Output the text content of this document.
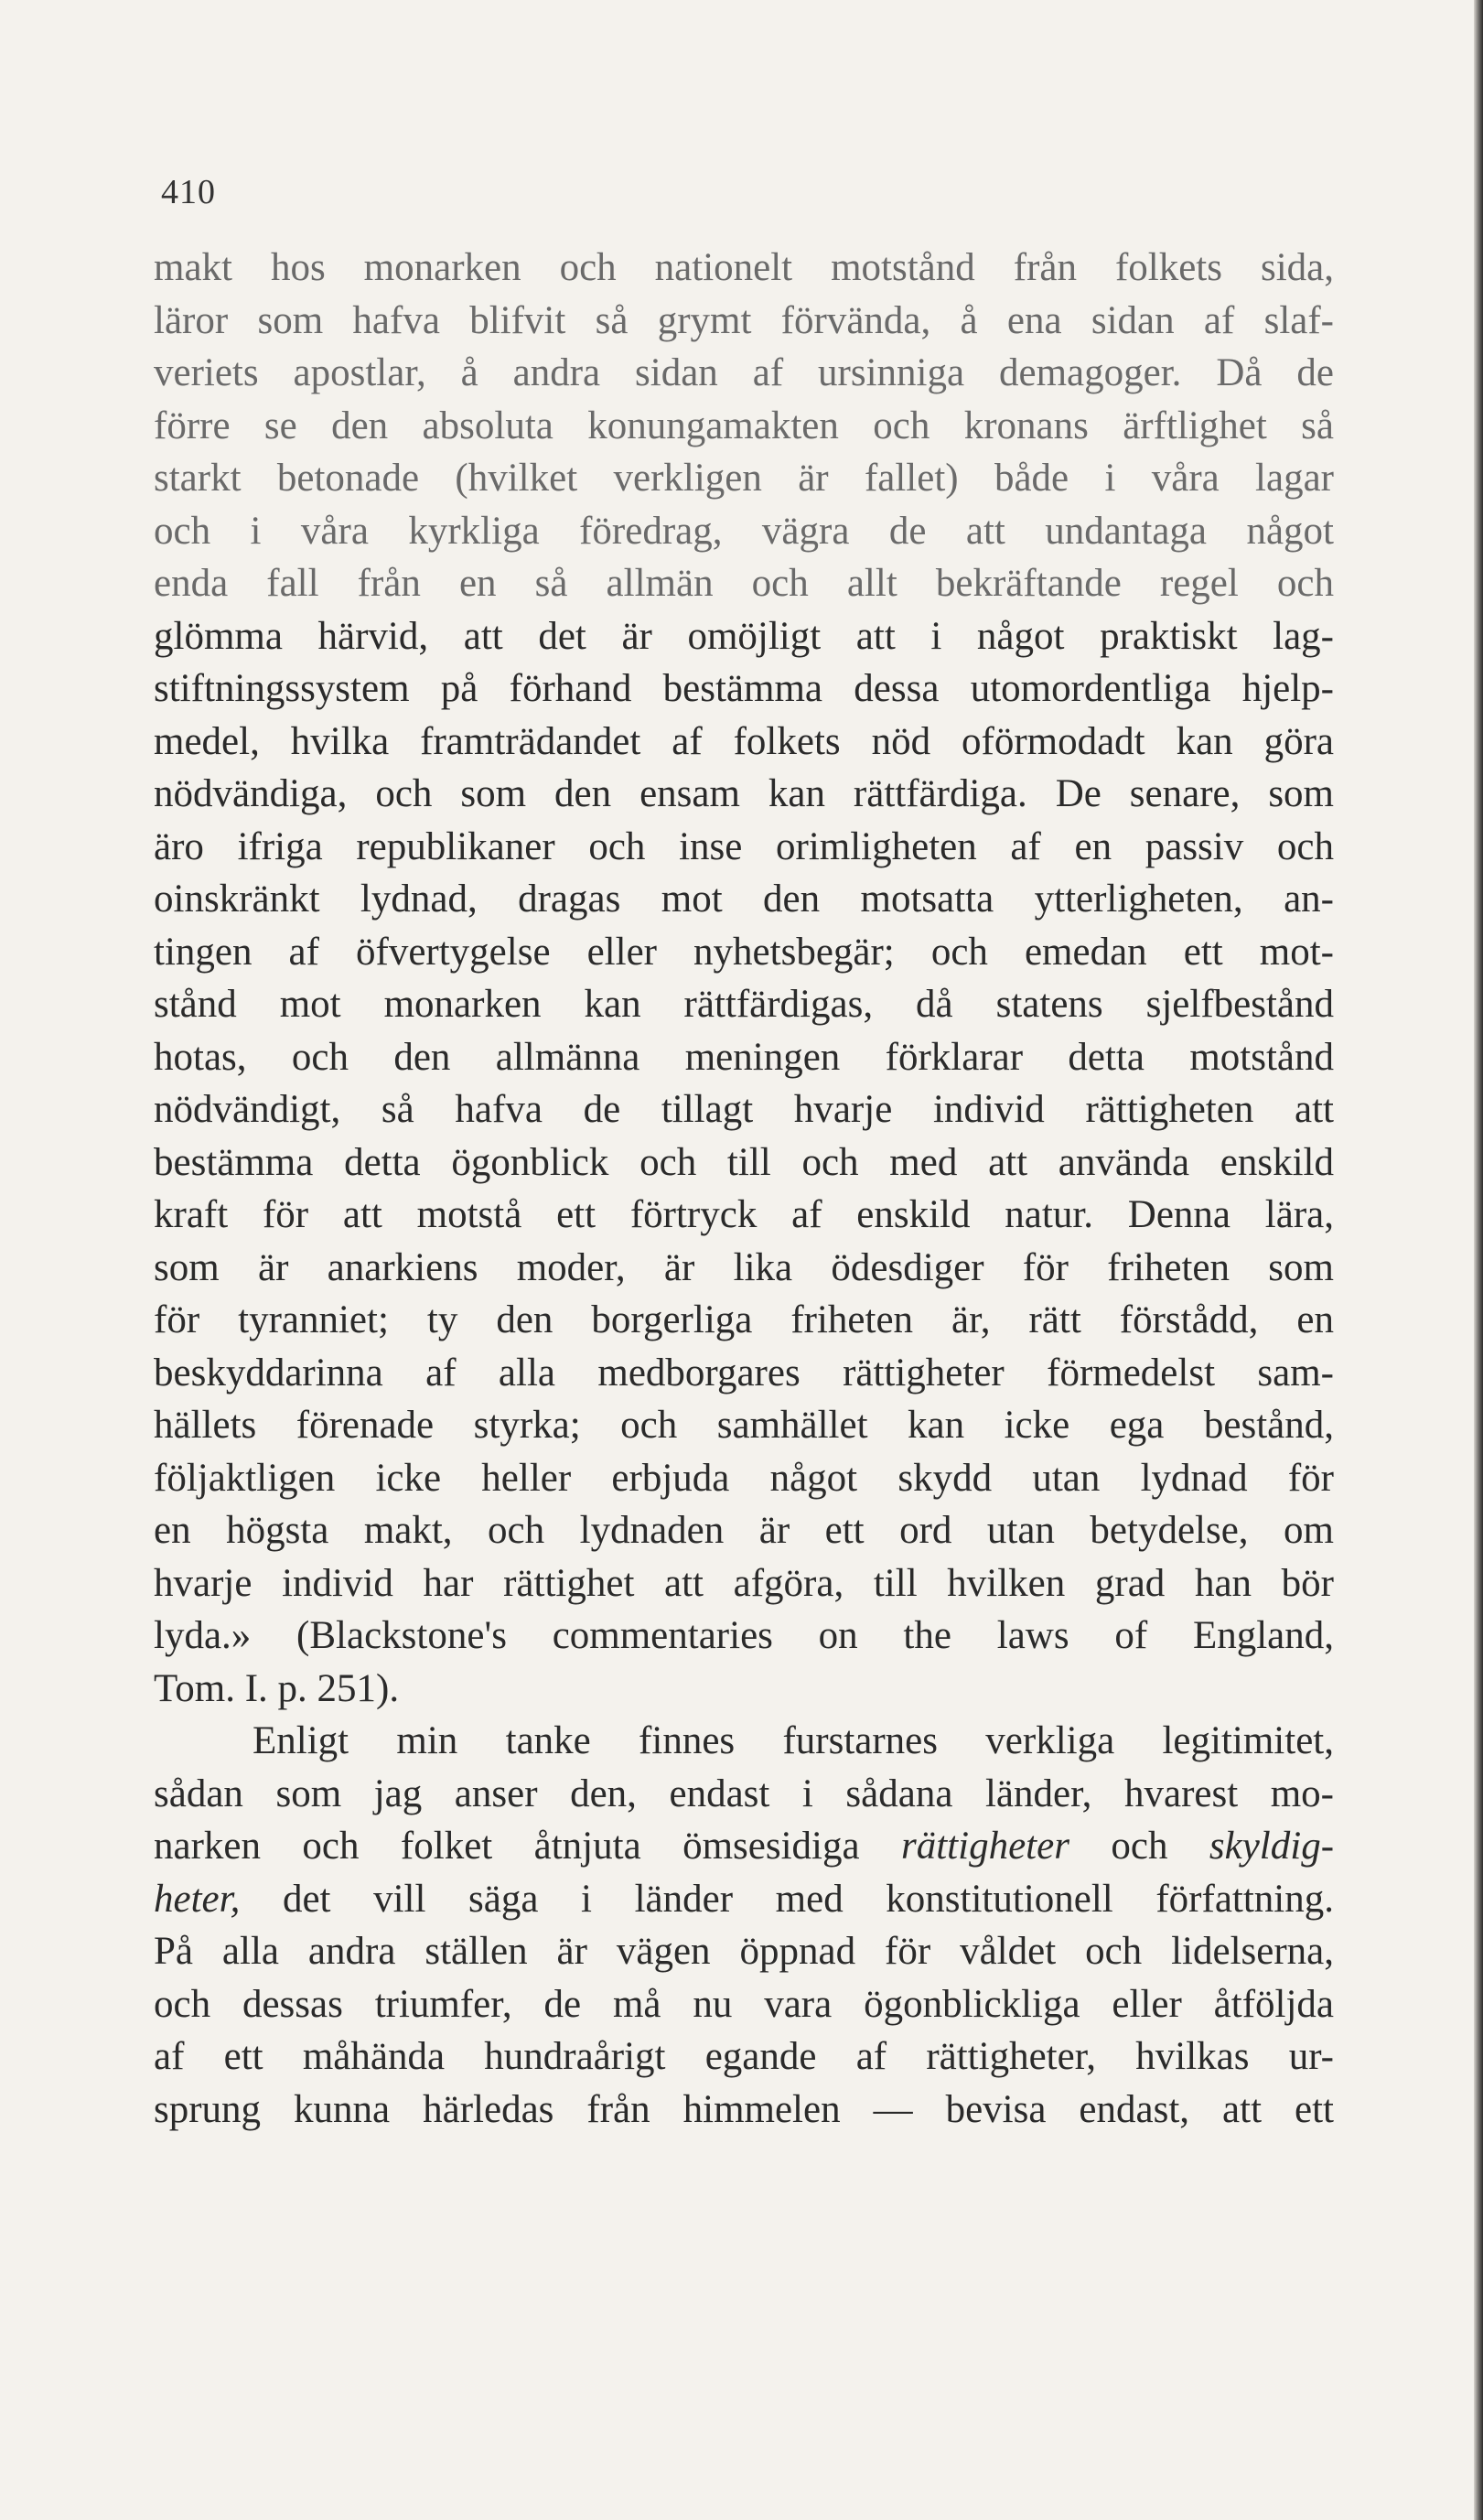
410
makt hos monarken och nationelt motstånd från folkets sida,
läror som hafva blifvit så grymt förvända, å ena sidan af slaf-
veriets apostlar, å andra sidan af ursinniga demagoger. Då de
förre se den absoluta konungamakten och kronans ärftlighet så
starkt betonade (hvilket verkligen är fallet) både i våra lagar
och i våra kyrkliga föredrag, vägra de att undantaga något
enda fall från en så allmän och allt bekräftande regel och
glömma härvid, att det är omöjligt att i något praktiskt lag-
stiftningssystem på förhand bestämma dessa utomordentliga hjelp-
medel, hvilka framträdandet af folkets nöd oförmodadt kan göra
nödvändiga, och som den ensam kan rättfärdiga. De senare, som
äro ifriga republikaner och inse orimligheten af en passiv och
oinskränkt lydnad, dragas mot den motsatta ytterligheten, an-
tingen af öfvertygelse eller nyhetsbegär; och emedan ett mot-
stånd mot monarken kan rättfärdigas, då statens sjelfbestånd
hotas, och den allmänna meningen förklarar detta motstånd
nödvändigt, så hafva de tillagt hvarje individ rättigheten att
bestämma detta ögonblick och till och med att använda enskild
kraft för att motstå ett förtryck af enskild natur. Denna lära,
som är anarkiens moder, är lika ödesdiger för friheten som
för tyranniet; ty den borgerliga friheten är, rätt förstådd, en
beskyddarinna af alla medborgares rättigheter förmedelst sam-
hällets förenade styrka; och samhället kan icke ega bestånd,
följaktligen icke heller erbjuda något skydd utan lydnad för
en högsta makt, och lydnaden är ett ord utan betydelse, om
hvarje individ har rättighet att afgöra, till hvilken grad han bör
lyda.» (Blackstone's commentaries on the laws of England,
Tom. I. p. 251).
Enligt min tanke finnes furstarnes verkliga legitimitet,
sådan som jag anser den, endast i sådana länder, hvarest mo-
narken och folket åtnjuta ömsesidiga rättigheter och skyldig-
heter, det vill säga i länder med konstitutionell författning.
På alla andra ställen är vägen öppnad för våldet och lidelserna,
och dessas triumfer, de må nu vara ögonblickliga eller åtföljda
af ett måhända hundraårigt egande af rättigheter, hvilkas ur-
sprung kunna härledas från himmelen — bevisa endast, att ett
